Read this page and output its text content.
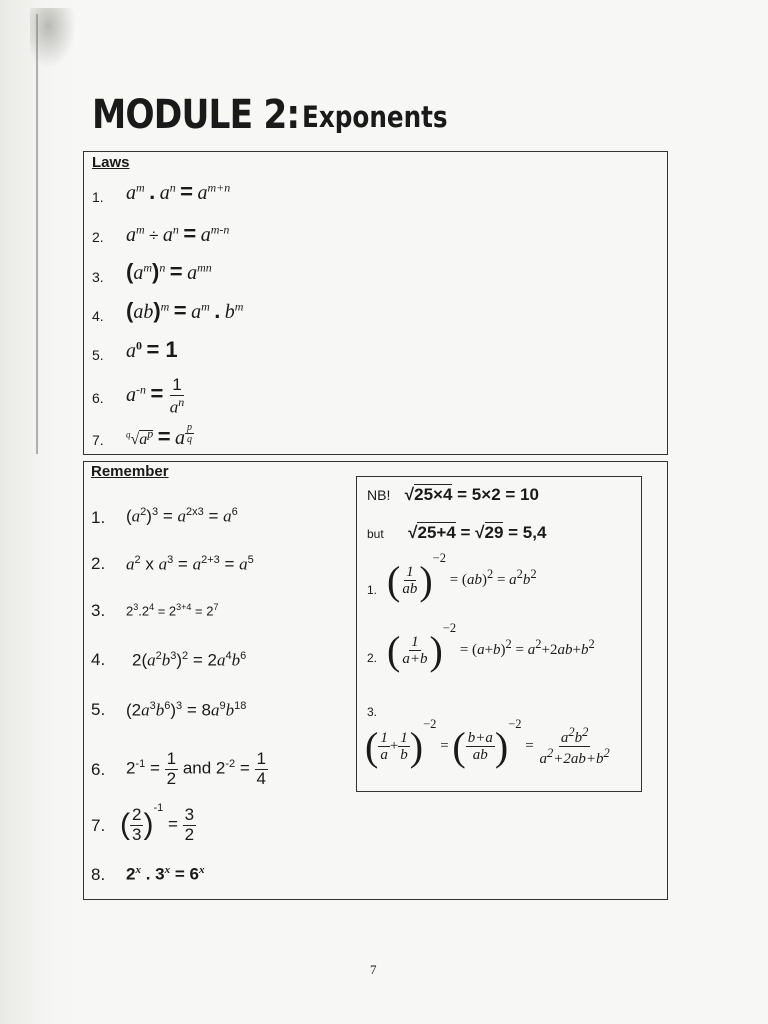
MODULE 2: Exponents
Laws
1. $a^m$ . $a^n = a^{m+n}$
2. $a^m \div a^n = a^{m-n}$
3. $(a^m)^n = a^{mn}$
4. $(ab)^m = a^m$ . $b^m$
5. $a^0 = 1$
6. $a^{-n} = \frac{1}{a^n}$
7. $^q√a^p = a$ $^{\frac{p}{q}}$
Remember
1. $(a^2)^3 = a^{2x3} = a^6$
2. $a^2$ x $a^3 = a^{2+3} = a^5$
3. $2^3.2^4 = 2^{3+4} = 2^7$
4. $2(a^2b^3)^2 = 2a^4b^6$
5. $(2a^3b^6)^3 = 8a^9b^{18}$
6. $2^{-1} = \frac{1}{2}$ and $2^{-2} = \frac{1}{4}$
7. ( $\frac{2}{3} )^{-1} = \frac{3}{2}$
8. 2$^x$ . $3^x = 6^x$
NB! √25×4 = 5×2 = 10
but √25+4 = √29 = 5,4
1. ( $\frac{1}{ab} )^{-2} = (ab)^2 = a^2b^2$
2. ( $\frac{1}{a+b} )^{-2} = (a+b)^2 = a^2+2ab+b^2$
3.
( $\frac{1}{a} + \frac{1}{b} )^{-2}$ = ( $\frac{b+a}{ab} )^{-2} = \frac{a^2b^2}{a^2+2ab+b^2}$
7
